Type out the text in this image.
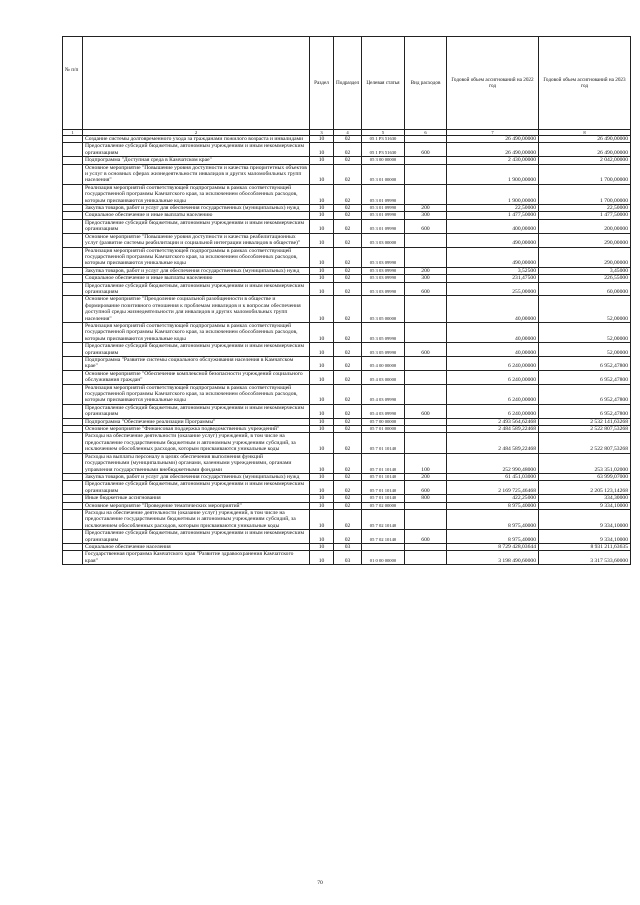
№ п/п		Раздел	Подраздел	Целевая статья	Вид расходов	Годовой объем ассигнований на 2022 год	Годовой объем ассигнований на 2023 год
1	2	3	4	5	6	7	8
	Создание системы долговременного ухода за гражданами пожилого возраста и инвалидами	10	02	05 1 P3 51630		26 490,00000	26 490,00000
	Предоставление субсидий бюджетным, автономным учреждениям и иным некоммерческим организациям	10	02	05 1 P3 51630	600	26 490,00000	26 490,00000
	Подпрограмма "Доступная среда в Камчатском крае"	10	02	05 3 00 00000		2 430,00000	2 042,00000
	Основное мероприятие "Повышение уровня доступности и качества приоритетных объектов и услуг в основных сферах жизнедеятельности инвалидов и других маломобильных групп населения"	10	02	05 3 01 00000		1 900,00000	1 700,00000
	Реализация мероприятий соответствующей подпрограммы в рамках соответствующей государственной программы Камчатского края, за исключением обособленных расходов, которым присваиваются уникальные коды	10	02	05 3 01 09990		1 900,00000	1 700,00000
	Закупка товаров, работ и услуг для обеспечения государственных (муниципальных) нужд	10	02	05 3 01 09990	200	22,50000	22,50000
	Социальное обеспечение и иные выплаты населению	10	02	05 3 01 09990	300	1 477,50000	1 477,50000
	Предоставление субсидий бюджетным, автономным учреждениям и иным некоммерческим организациям	10	02	05 3 01 09990	600	400,00000	200,00000
	Основное мероприятие "Повышение уровня доступности и качества реабилитационных услуг (развитие системы реабилитации и социальной интеграции инвалидов в обществе)"	10	02	05 3 03 00000		490,00000	290,00000
	Реализация мероприятий соответствующей подпрограммы в рамках соответствующей государственной программы Камчатского края, за исключением обособленных расходов, которым присваиваются уникальные коды	10	02	05 3 03 09990		490,00000	290,00000
	Закупка товаров, работ и услуг для обеспечения государственных (муниципальных) нужд	10	02	05 3 03 09990	200	3,52500	3,45000
	Социальное обеспечение и иные выплаты населению	10	02	05 3 03 09990	300	231,47500	226,55000
	Предоставление субсидий бюджетным, автономным учреждениям и иным некоммерческим организациям	10	02	05 3 03 09990	600	255,00000	60,00000
	Основное мероприятие "Преодоление социальной разобщенности в обществе и формирование позитивного отношения к проблемам инвалидов и к вопросам обеспечения доступной среды жизнедеятельности для инвалидов и других маломобильных групп населения"	10	02	05 3 05 00000		40,00000	52,00000
	Реализация мероприятий соответствующей подпрограммы в рамках соответствующей государственной программы Камчатского края, за исключением обособленных расходов, которым присваиваются уникальные коды	10	02	05 3 05 09990		40,00000	52,00000
	Предоставление субсидий бюджетным, автономным учреждениям и иным некоммерческим организациям	10	02	05 3 05 09990	600	40,00000	52,00000
	Подпрограмма "Развитие системы социального обслуживания населения в Камчатском крае"	10	02	05 4 00 00000		6 240,00000	6 952,47800
	Основное мероприятие "Обеспечение комплексной безопасности учреждений социального обслуживания граждан"	10	02	05 4 03 00000		6 240,00000	6 952,47800
	Реализация мероприятий соответствующей подпрограммы в рамках соответствующей государственной программы Камчатского края, за исключением обособленных расходов, которым присваиваются уникальные коды	10	02	05 4 03 09990		6 240,00000	6 952,47800
	Предоставление субсидий бюджетным, автономным учреждениям и иным некоммерческим организациям	10	02	05 4 03 09990	600	6 240,00000	6 952,47800
	Подпрограмма "Обеспечение реализации Программы"	10	02	05 7 00 00000		2 493 564,62468	2 532 141,63268
	Основное мероприятие "Финансовая поддержка подведомственных учреждений"	10	02	05 7 01 00000		2 484 589,22468	2 522 807,53268
	Расходы на обеспечение деятельности (оказание услуг) учреждений, в том числе на предоставление государственным бюджетным и автономным учреждениям субсидий, за исключением обособленных расходов, которым присваиваются уникальные коды	10	02	05 7 01 10140		2 484 589,22468	2 522 807,53268
	Расходы на выплаты персоналу в целях обеспечения выполнения функций государственными (муниципальными) органами, казенными учреждениями, органами управления государственными внебюджетными фондами	10	02	05 7 01 10140	100	252 990,48000	253 351,02000
	Закупка товаров, работ и услуг для обеспечения государственных (муниципальных) нужд	10	02	05 7 01 10140	200	61 451,03000	63 999,07000
	Предоставление субсидий бюджетным, автономным учреждениям и иным некоммерческим организациям	10	02	05 7 01 10140	600	2 169 725,46468	2 205 123,14268
	Иные бюджетные ассигнования	10	02	05 7 01 10140	800	422,25000	334,30000
	Основное мероприятие "Проведение тематических мероприятий"	10	02	05 7 02 00000		8 975,40000	9 334,10000
	Расходы на обеспечение деятельности (оказание услуг) учреждений, в том числе на предоставление государственным бюджетным и автономным учреждениям субсидий, за исключением обособленных расходов, которым присваиваются уникальные коды	10	02	05 7 02 10140		8 975,40000	9 334,10000
	Предоставление субсидий бюджетным, автономным учреждениям и иным некоммерческим организациям	10	02	05 7 02 10140	600	8 975,40000	9 334,10000
	Социальное обеспечение населения	10	03			8 729 428,03644	8 931 211,63635
	Государственная программа Камчатского края "Развитие здравоохранения Камчатского края"	10	03	01 0 00 00000		3 198 490,60000	3 317 533,60000
70
